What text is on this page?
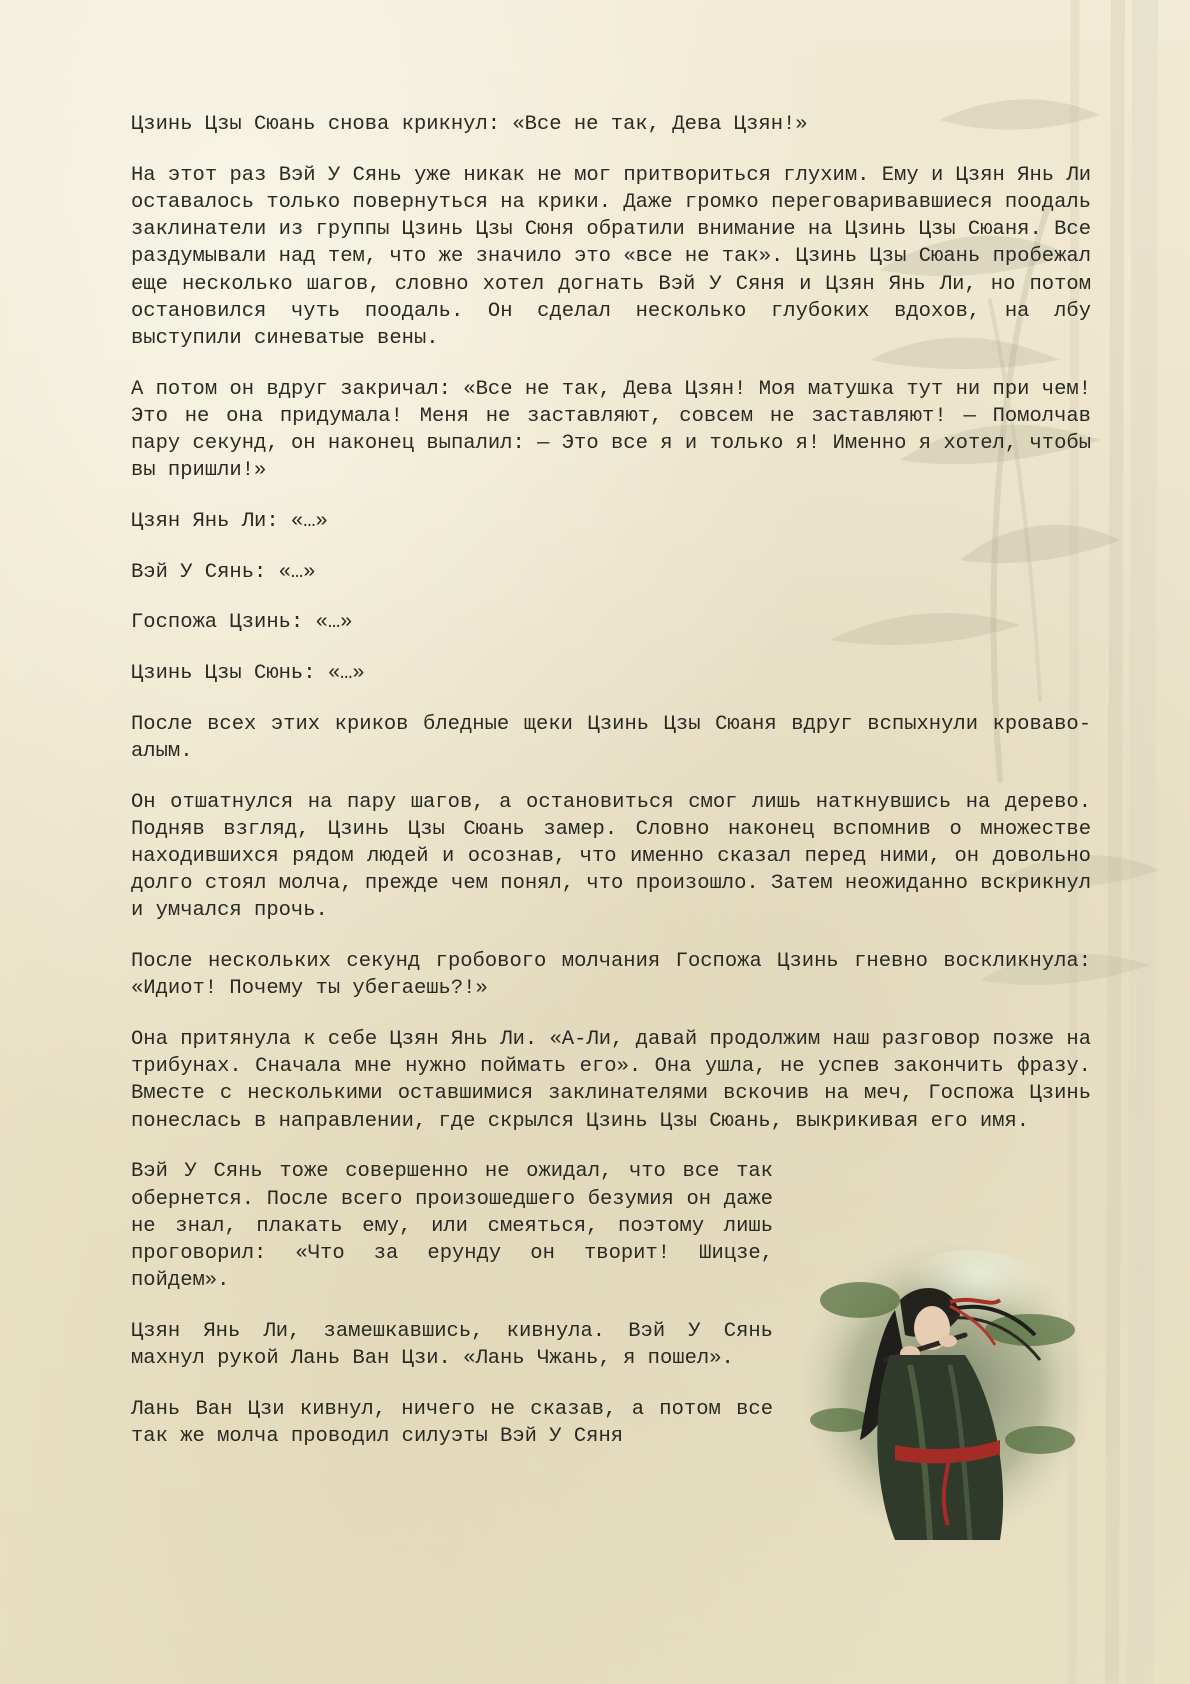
Цзинь Цзы Сюань снова крикнул: «Все не так, Дева Цзян!»

На этот раз Вэй У Сянь уже никак не мог притвориться глухим. Ему и Цзян Янь Ли оставалось только повернуться на крики. Даже громко переговаривавшиеся поодаль заклинатели из группы Цзинь Цзы Сюня обратили внимание на Цзинь Цзы Сюаня. Все раздумывали над тем, что же значило это «все не так». Цзинь Цзы Сюань пробежал еще несколько шагов, словно хотел догнать Вэй У Сяня и Цзян Янь Ли, но потом остановился чуть поодаль. Он сделал несколько глубоких вдохов, на лбу выступили синеватые вены.

А потом он вдруг закричал: «Все не так, Дева Цзян! Моя матушка тут ни при чем! Это не она придумала! Меня не заставляют, совсем не заставляют! — Помолчав пару секунд, он наконец выпалил: — Это все я и только я! Именно я хотел, чтобы вы пришли!»

Цзян Янь Ли: «…»

Вэй У Сянь: «…»

Госпожа Цзинь: «…»

Цзинь Цзы Сюнь: «…»

После всех этих криков бледные щеки Цзинь Цзы Сюаня вдруг вспыхнули кроваво-алым.

Он отшатнулся на пару шагов, а остановиться смог лишь наткнувшись на дерево. Подняв взгляд, Цзинь Цзы Сюань замер. Словно наконец вспомнив о множестве находившихся рядом людей и осознав, что именно сказал перед ними, он довольно долго стоял молча, прежде чем понял, что произошло. Затем неожиданно вскрикнул и умчался прочь.

После нескольких секунд гробового молчания Госпожа Цзинь гневно воскликнула: «Идиот! Почему ты убегаешь?!»

Она притянула к себе Цзян Янь Ли. «А-Ли, давай продолжим наш разговор позже на трибунах. Сначала мне нужно поймать его». Она ушла, не успев закончить фразу. Вместе с несколькими оставшимися заклинателями вскочив на меч, Госпожа Цзинь понеслась в направлении, где скрылся Цзинь Цзы Сюань, выкрикивая его имя.

Вэй У Сянь тоже совершенно не ожидал, что все так обернется. После всего произошедшего безумия он даже не знал, плакать ему, или смеяться, поэтому лишь проговорил: «Что за ерунду он творит! Шицзе, пойдем».

Цзян Янь Ли, замешкавшись, кивнула. Вэй У Сянь махнул рукой Лань Ван Цзи. «Лань Чжань, я пошел».

Лань Ван Цзи кивнул, ничего не сказав, а потом все так же молча проводил силуэты Вэй У Сяня
